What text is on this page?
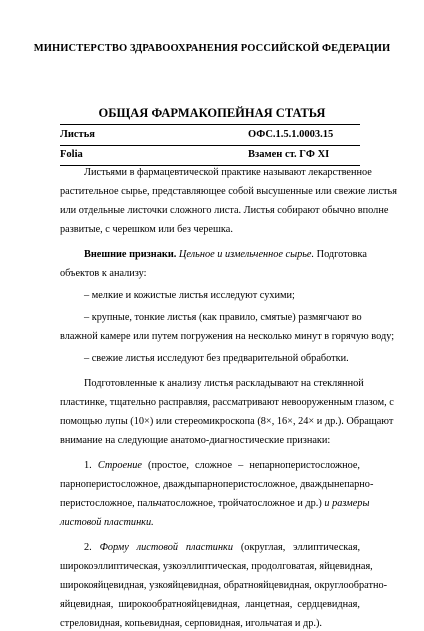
МИНИСТЕРСТВО ЗДРАВООХРАНЕНИЯ РОССИЙСКОЙ ФЕДЕРАЦИИ
ОБЩАЯ ФАРМАКОПЕЙНАЯ СТАТЬЯ
Листья	ОФС.1.5.1.0003.15
Folia	Взамен ст. ГФ XI
Листьями в фармацевтической практике называют лекарственное
растительное сырье, представляющее собой высушенные или свежие листья
или отдельные листочки сложного листа. Листья собирают обычно вполне
развитые, с черешком или без черешка.
Внешние признаки. Цельное и измельченное сырье. Подготовка
объектов к анализу:
– мелкие и кожистые листья исследуют сухими;
– крупные, тонкие листья (как правило, смятые) размягчают во
влажной камере или путем погружения на несколько минут в горячую воду;
– свежие листья исследуют без предварительной обработки.
Подготовленные к анализу листья раскладывают на стеклянной
пластинке, тщательно расправляя, рассматривают невооруженным глазом, с
помощью лупы (10×) или стереомикроскопа (8×, 16×, 24× и др.). Обращают
внимание на следующие анатомо-диагностические признаки:
1. Строение (простое, сложное – непарноперистосложное,
парноперистосложное, дваждыпарноперистосложное, дваждынепарно-
перистосложное, пальчатосложное, тройчатосложное и др.) и размеры
листовой пластинки.
2. Форму листовой пластинки (округлая, эллиптическая,
широкоэллиптическая, узкоэллиптическая, продолговатая, яйцевидная,
широкояйцевидная, узкояйцевидная, обратнояйцевидная, округлообратно-
яйцевидная, широкообратнояйцевидная, ланцетная, сердцевидная,
стреловидная, копьевидная, серповидная, игольчатая и др.).
